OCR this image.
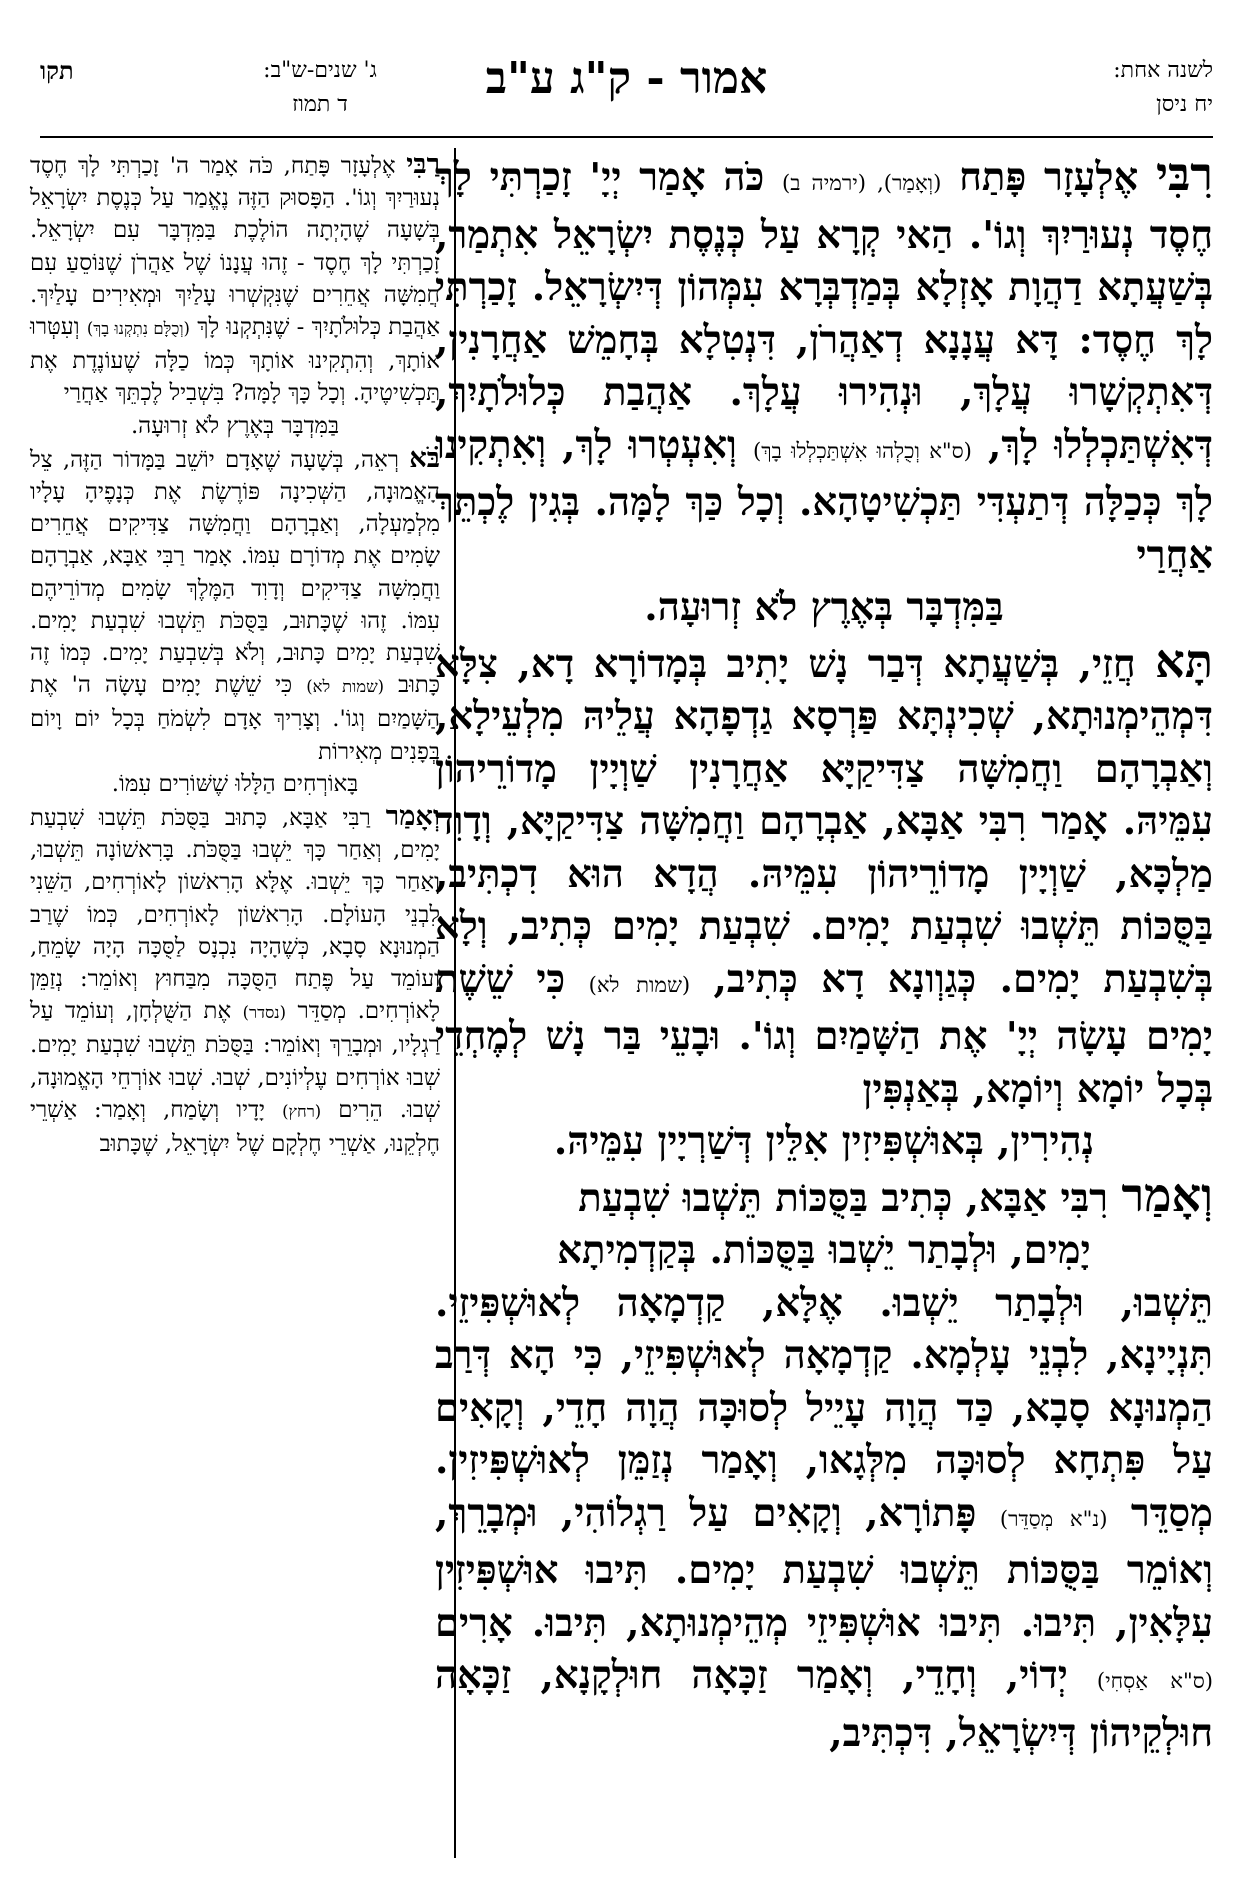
לשנה אחת:
יח ניסן
אמור - ק"ג ע"ב
ג' שנים-ש"ב:
ד תמוז
תקו

רִבִּי אֶלְעָזָר פָּתַח (וְאָמַר), (ירמיה ב) כֹּה אָמַר יְיָ' זָכַרְתִּי לָךְ חֶסֶד נְעוּרַיִךְ וְגוֹ'. הַאי קְרָא עַל כְּנֶסֶת יִשְׂרָאֵל אִתְמַר, בְּשַׁעֲתָא דַהֲוָת אָזְלָא בְּמַדְבְּרָא עִמְּהוֹן דְּיִשְׂרָאֵל. זָכַרְתִּי לָךְ חֶסֶד: דָּא עֲנָנָא דְאַהֲרֹן, דִּנְטִלָא בְּחָמֵשׁ אַחֲרָנִין, דְּאִתְקְשָׁרוּ עֲלָךְ, וּנְהִירוּ עֲלָךְ. אַהֲבַת כְּלוּלֹתָיִךְ, דְּאִשְׁתַּכְלְלוּ לָךְ, (ס"א וְכֻלְהוּ אִשְׁתַּכְלְלוּ בָךְ) וְאִעְטְרוּ לָךְ, וְאִתְקִינוּ לָךְ כְּכַלָּה דְּתַעְדִּי תַּכְשִׁיטָהָא. וְכָל כַּךְ לָמָּה. בְּגִין לֶכְתֵּךְ אַחֲרַי

בַּמִּדְבָּר בְּאֶרֶץ לֹא זְרוּעָה.

תָּא חֲזֵי, בְּשַׁעֲתָא דְּבַר נָשׁ יָתִיב בְּמָדוֹרָא דָא, צִלָּא דִּמְהֵימְנוּתָא, שְׁכִינְתָּא פַּרְסָא גַדְפָהָא עֲלֵיהּ מִלְעֵילָא, וְאַבְרָהָם וַחֲמִשָּׁה צַדִּיקַיָּא אַחֲרָנִין שַׁוְיָין מָדוֹרֵיהוֹן עִמֵּיהּ. אָמַר רִבִּי אַבָּא, אַבְרָהָם וַחֲמִשָּׁה צַדִּיקַיָּא, וְדָוִד מַלְכָּא, שַׁוְיָין מָדוֹרֵיהוֹן עִמֵּיהּ. הֲדָא הוּא דִכְתִּיב, בַּסֻּכּוֹת תֵּשְׁבוּ שִׁבְעַת יָמִים. שִׁבְעַת יָמִים כְּתִיב, וְלָא בְּשִׁבְעַת יָמִים. כְּגַוְונָא דָא כְּתִיב, (שמות לא) כִּי שֵׁשֶׁת יָמִים עָשָׂה יְיָ' אֶת הַשָּׁמַיִם וְגוֹ'. וּבָעֵי בַּר נָשׁ לְמֶחְדֵי בְּכָל יוֹמָא וְיוֹמָא, בְּאַנְפִּין

נְהִירִין, בְּאוּשְׁפִּיזִין אִלֵּין דְּשַׁרְיָין עִמֵּיהּ.

וְאָמַר רִבִּי אַבָּא, כְּתִיב בַּסֻּכּוֹת תֵּשְׁבוּ שִׁבְעַת

יָמִים, וּלְבָתַר יֵשְׁבוּ בַּסֻּכּוֹת. בְּקַדְמִיתָא

תֵּשְׁבוּ, וּלְבָתַר יֵשְׁבוּ. אֶלָּא, קַדְמָאָה לְאוּשְׁפִּיזֵי. תִּנְיָינָא, לִבְנֵי עָלְמָא. קַדְמָאָה לְאוּשְׁפִּיזֵי, כִּי הָא דְּרַב הַמְנוּנָא סָבָא, כַּד הֲוָה עָיֵיל לְסוּכָּה הֲוָה חָדֵי, וְקָאִים עַל פִּתְחָא לְסוּכָּה מִלְּגָאו, וְאָמַר נְזַמֵּן לְאוּשְׁפִּיזִין. מְסַדֵּר (נ"א מְסַדֵּר) פָּתוֹרָא, וְקָאִים עַל רַגְלוֹהִי, וּמְבָרֵךְ, וְאוֹמֵר בַּסֻּכּוֹת תֵּשְׁבוּ שִׁבְעַת יָמִים. תִּיבוּ אוּשְׁפִּיזִין עִלָּאִין, תִּיבוּ. תִּיבוּ אוּשְׁפִּיזֵי מְהֵימְנוּתָא, תִּיבוּ. אָרִים (ס"א אַסְחִי) יְדוֹי, וְחָדֵי, וְאָמַר זַכָּאָה חוּלְקָנָא, זַכָּאָה חוּלְקֵיהוֹן דְּיִשְׂרָאֵל, דִּכְתִּיב,

רַבִּי אֶלְעָזָר פָּתַח, כֹּה אָמַר ה' זָכַרְתִּי לָךְ חֶסֶד נְעוּרַיִךְ וְגוֹ'. הַפָּסוּק הַזֶּה נֶאֱמַר עַל כְּנֶסֶת יִשְׂרָאֵל בְּשָׁעָה שֶׁהָיְתָה הוֹלֶכֶת בַּמִּדְבָּר עִם יִשְׂרָאֵל. זָכַרְתִּי לָךְ חֶסֶד - זֶהוּ עֲנָנוֹ שֶׁל אַהֲרֹן שֶׁנּוֹסֵעַ עִם חֲמִשָּׁה אֲחֵרִים שֶׁנִּקְשְׁרוּ עָלַיִךְ וּמְאִירִים עָלַיִךְ. אַהֲבַת כְּלוּלֹתָיִךְ - שֶׁנִּתְקְנוּ לָךְ (וְכֻלָּם נִתְקְנוּ בָךְ) וְעִטְּרוּ אוֹתָךְ, וְהִתְקִינוּ אוֹתָךְ כְּמוֹ כַלָּה שֶׁעוֹנֶדֶת אֶת תַּכְשִׁיטֶיהָ. וְכָל כָּךְ לָמָּה? בִּשְׁבִיל לֶכְתֵּךְ אַחֲרַי

בַּמִּדְבָּר בְּאֶרֶץ לֹא זְרוּעָה.

בֹּא רְאֵה, בְּשָׁעָה שֶׁאָדָם יוֹשֵׁב בַּמָּדוֹר הַזֶּה, צֵל הָאֱמוּנָה, הַשְּׁכִינָה פּוֹרֶשֶׂת אֶת כְּנָפֶיהָ עָלָיו מִלְמַעְלָה, וְאַבְרָהָם וַחֲמִשָּׁה צַדִּיקִים אֲחֵרִים שָׂמִים אֶת מְדוֹרָם עִמּוֹ. אָמַר רַבִּי אַבָּא, אַבְרָהָם וַחֲמִשָּׁה צַדִּיקִים וְדָוִד הַמֶּלֶךְ שָׂמִים מְדוֹרֵיהֶם עִמּוֹ. זֶהוּ שֶׁכָּתוּב, בַּסֻּכֹּת תֵּשְׁבוּ שִׁבְעַת יָמִים. שִׁבְעַת יָמִים כָּתוּב, וְלֹא בְּשִׁבְעַת יָמִים. כְּמוֹ זֶה כָּתוּב (שמות לא) כִּי שֵׁשֶׁת יָמִים עָשָׂה ה' אֶת הַשָּׁמַיִם וְגוֹ'. וְצָרִיךְ אָדָם לִשְׂמֹחַ בְּכָל יוֹם וָיוֹם בְּפָנִים מְאִירוֹת

בָּאוֹרְחִים הַלָּלוּ שֶׁשּׁוֹרִים עִמּוֹ.

וְאָמַר רַבִּי אַבָּא, כָּתוּב בַּסֻּכֹּת תֵּשְׁבוּ שִׁבְעַת יָמִים, וְאַחַר כָּךְ יֵשְׁבוּ בַּסֻּכֹּת. בָּרִאשׁוֹנָה תֵּשְׁבוּ, וְאַחַר כָּךְ יֵשְׁבוּ. אֶלָּא הָרִאשׁוֹן לָאוֹרְחִים, הַשֵּׁנִי לִבְנֵי הָעוֹלָם. הָרִאשׁוֹן לָאוֹרְחִים, כְּמוֹ שֶׁרַב הַמְנוּנָא סָבָא, כְּשֶׁהָיָה נִכְנָס לַסֻּכָּה הָיָה שָׂמֵחַ, וְעוֹמֵד עַל פֶּתַח הַסֻּכָּה מִבַּחוּץ וְאוֹמֵר: נְזַמֵּן לָאוֹרְחִים. מְסַדֵּר (נסדר) אֶת הַשֻּׁלְחָן, וְעוֹמֵד עַל רַגְלָיו, וּמְבָרֵךְ וְאוֹמֵר: בַּסֻּכֹּת תֵּשְׁבוּ שִׁבְעַת יָמִים. שְׁבוּ אוֹרְחִים עֶלְיוֹנִים, שְׁבוּ. שְׁבוּ אוֹרְחֵי הָאֱמוּנָה, שְׁבוּ. הֵרִים (רחץ) יָדָיו וְשָׂמַח, וְאָמַר: אַשְׁרֵי חֶלְקֵנוּ, אַשְׁרֵי חֶלְקָם שֶׁל יִשְׂרָאֵל, שֶׁכָּתוּב
